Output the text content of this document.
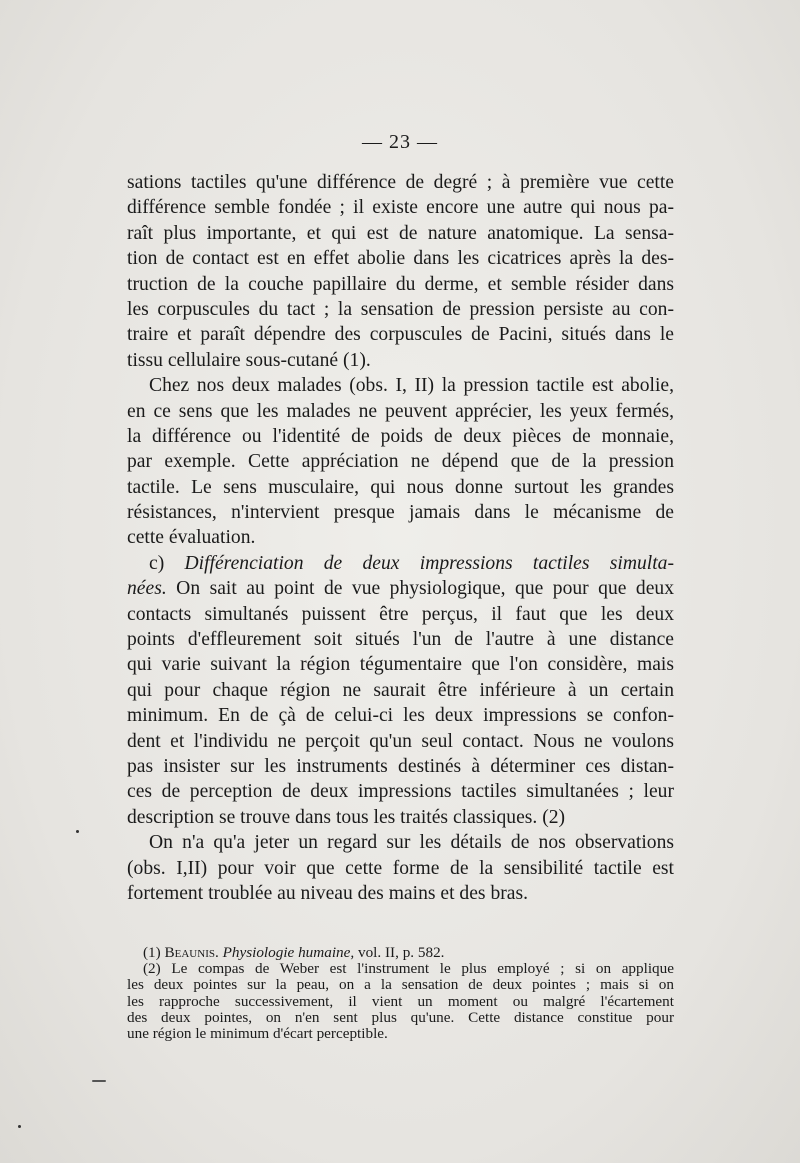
— 23 —
sations tactiles qu'une différence de degré ; à première vue cette
différence semble fondée ; il existe encore une autre qui nous pa-
raît plus importante, et qui est de nature anatomique. La sensa-
tion de contact est en effet abolie dans les cicatrices après la des-
truction de la couche papillaire du derme, et semble résider dans
les corpuscules du tact ; la sensation de pression persiste au con-
traire et paraît dépendre des corpuscules de Pacini, situés dans le
tissu cellulaire sous-cutané (1).
Chez nos deux malades (obs. I, II) la pression tactile est abolie,
en ce sens que les malades ne peuvent apprécier, les yeux fermés,
la différence ou l'identité de poids de deux pièces de monnaie,
par exemple. Cette appréciation ne dépend que de la pression
tactile. Le sens musculaire, qui nous donne surtout les grandes
résistances, n'intervient presque jamais dans le mécanisme de
cette évaluation.
c) Différenciation de deux impressions tactiles simulta-
nées. On sait au point de vue physiologique, que pour que deux
contacts simultanés puissent être perçus, il faut que les deux
points d'effleurement soit situés l'un de l'autre à une distance
qui varie suivant la région tégumentaire que l'on considère, mais
qui pour chaque région ne saurait être inférieure à un certain
minimum. En de çà de celui-ci les deux impressions se confon-
dent et l'individu ne perçoit qu'un seul contact. Nous ne voulons
pas insister sur les instruments destinés à déterminer ces distan-
ces de perception de deux impressions tactiles simultanées ; leur
description se trouve dans tous les traités classiques. (2)
On n'a qu'a jeter un regard sur les détails de nos observations
(obs. I,II) pour voir que cette forme de la sensibilité tactile est
fortement troublée au niveau des mains et des bras.
(1) Beaunis. Physiologie humaine, vol. II, p. 582.
(2) Le compas de Weber est l'instrument le plus employé ; si on applique
les deux pointes sur la peau, on a la sensation de deux pointes ; mais si on
les rapproche successivement, il vient un moment ou malgré l'écartement
des deux pointes, on n'en sent plus qu'une. Cette distance constitue pour
une région le minimum d'écart perceptible.
